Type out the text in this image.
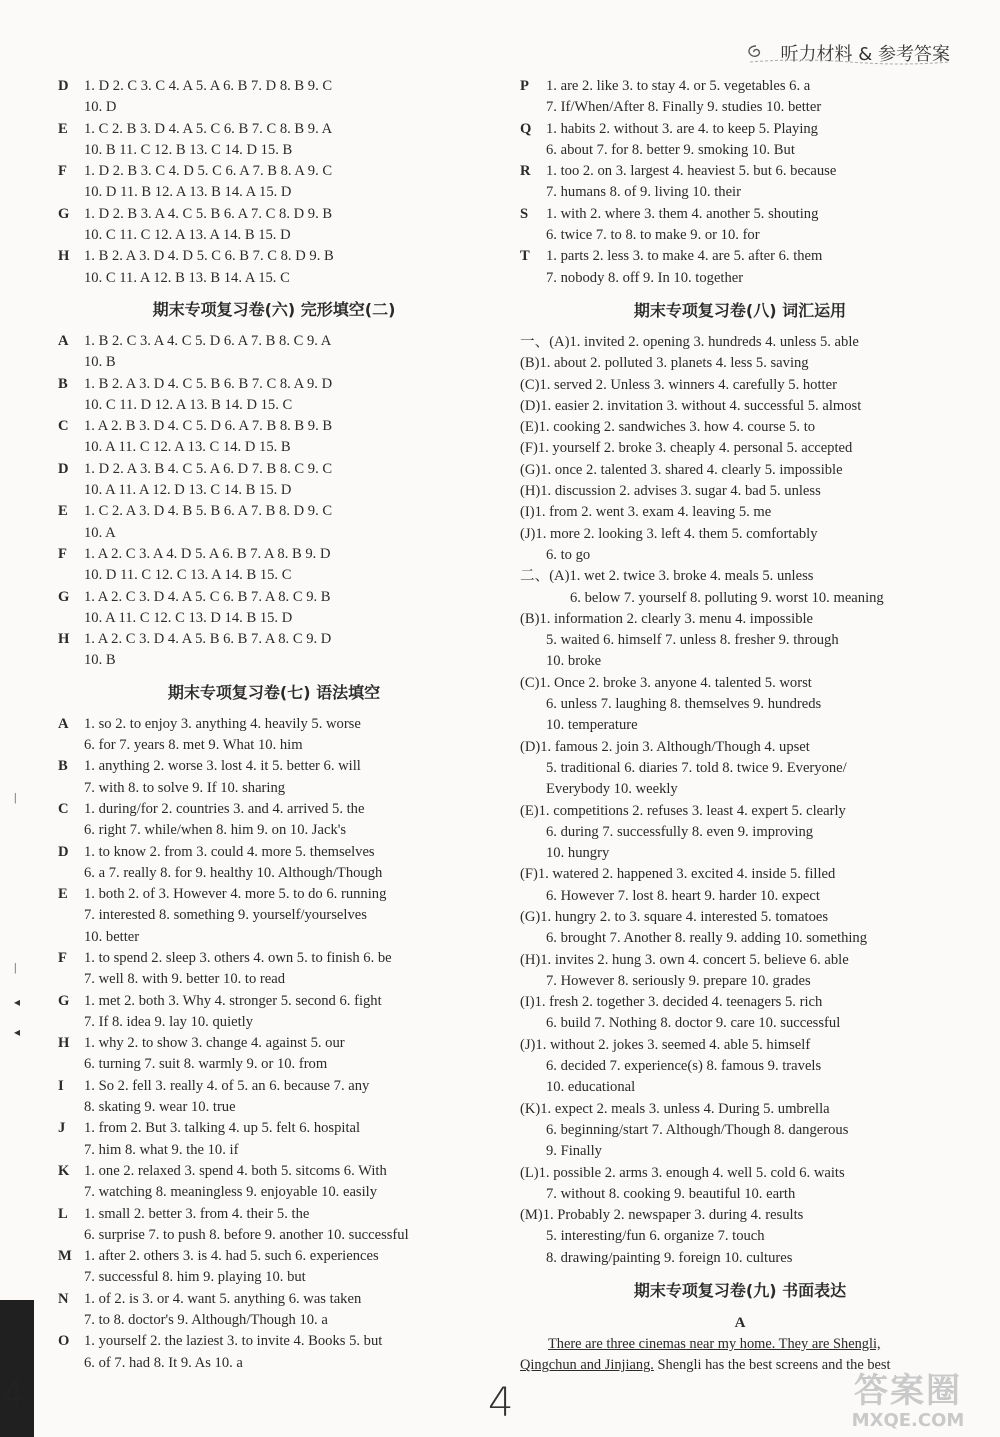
听力材料 & 参考答案
D 1. D 2. C 3. C 4. A 5. A 6. B 7. D 8. B 9. C
10. D
E 1. C 2. B 3. D 4. A 5. C 6. B 7. C 8. B 9. A
10. B 11. C 12. B 13. C 14. D 15. B
F 1. D 2. B 3. C 4. D 5. C 6. A 7. B 8. A 9. C
10. D 11. B 12. A 13. B 14. A 15. D
G 1. D 2. B 3. A 4. C 5. B 6. A 7. C 8. D 9. B
10. C 11. C 12. A 13. A 14. B 15. D
H 1. B 2. A 3. D 4. D 5. C 6. B 7. C 8. D 9. B
10. C 11. A 12. B 13. B 14. A 15. C
期末专项复习卷(六) 完形填空(二)
A 1. B 2. C 3. A 4. C 5. D 6. A 7. B 8. C 9. A
10. B
B 1. B 2. A 3. D 4. C 5. B 6. B 7. C 8. A 9. D
10. C 11. D 12. A 13. B 14. D 15. C
C 1. A 2. B 3. D 4. C 5. D 6. A 7. B 8. B 9. B
10. A 11. C 12. A 13. C 14. D 15. B
D 1. D 2. A 3. B 4. C 5. A 6. D 7. B 8. C 9. C
10. A 11. A 12. D 13. C 14. B 15. D
E 1. C 2. A 3. D 4. B 5. B 6. A 7. B 8. D 9. C
10. A
F 1. A 2. C 3. A 4. D 5. A 6. B 7. A 8. B 9. D
10. D 11. C 12. C 13. A 14. B 15. C
G 1. A 2. C 3. D 4. A 5. C 6. B 7. A 8. C 9. B
10. A 11. C 12. C 13. D 14. B 15. D
H 1. A 2. C 3. D 4. A 5. B 6. B 7. A 8. C 9. D
10. B
期末专项复习卷(七) 语法填空
A 1. so 2. to enjoy 3. anything 4. heavily 5. worse
6. for 7. years 8. met 9. What 10. him
B 1. anything 2. worse 3. lost 4. it 5. better 6. will
7. with 8. to solve 9. If 10. sharing
C 1. during/for 2. countries 3. and 4. arrived 5. the
6. right 7. while/when 8. him 9. on 10. Jack's
D 1. to know 2. from 3. could 4. more 5. themselves
6. a 7. really 8. for 9. healthy 10. Although/Though
E 1. both 2. of 3. However 4. more 5. to do 6. running
7. interested 8. something 9. yourself/yourselves
10. better
F 1. to spend 2. sleep 3. others 4. own 5. to finish 6. be
7. well 8. with 9. better 10. to read
G 1. met 2. both 3. Why 4. stronger 5. second 6. fight
7. If 8. idea 9. lay 10. quietly
H 1. why 2. to show 3. change 4. against 5. our
6. turning 7. suit 8. warmly 9. or 10. from
I 1. So 2. fell 3. really 4. of 5. an 6. because 7. any
8. skating 9. wear 10. true
J 1. from 2. But 3. talking 4. up 5. felt 6. hospital
7. him 8. what 9. the 10. if
K 1. one 2. relaxed 3. spend 4. both 5. sitcoms 6. With
7. watching 8. meaningless 9. enjoyable 10. easily
L 1. small 2. better 3. from 4. their 5. the
6. surprise 7. to push 8. before 9. another 10. successful
M 1. after 2. others 3. is 4. had 5. such 6. experiences
7. successful 8. him 9. playing 10. but
N 1. of 2. is 3. or 4. want 5. anything 6. was taken
7. to 8. doctor's 9. Although/Though 10. a
O 1. yourself 2. the laziest 3. to invite 4. Books 5. but
6. of 7. had 8. It 9. As 10. a
P 1. are 2. like 3. to stay 4. or 5. vegetables 6. a
7. If/When/After 8. Finally 9. studies 10. better
Q 1. habits 2. without 3. are 4. to keep 5. Playing
6. about 7. for 8. better 9. smoking 10. But
R 1. too 2. on 3. largest 4. heaviest 5. but 6. because
7. humans 8. of 9. living 10. their
S 1. with 2. where 3. them 4. another 5. shouting
6. twice 7. to 8. to make 9. or 10. for
T 1. parts 2. less 3. to make 4. are 5. after 6. them
7. nobody 8. off 9. In 10. together
期末专项复习卷(八) 词汇运用
一、(A)1. invited 2. opening 3. hundreds 4. unless 5. able
(B)1. about 2. polluted 3. planets 4. less 5. saving
(C)1. served 2. Unless 3. winners 4. carefully 5. hotter
(D)1. easier 2. invitation 3. without 4. successful 5. almost
(E)1. cooking 2. sandwiches 3. how 4. course 5. to
(F)1. yourself 2. broke 3. cheaply 4. personal 5. accepted
(G)1. once 2. talented 3. shared 4. clearly 5. impossible
(H)1. discussion 2. advises 3. sugar 4. bad 5. unless
(I)1. from 2. went 3. exam 4. leaving 5. me
(J)1. more 2. looking 3. left 4. them 5. comfortably
6. to go
二、(A)1. wet 2. twice 3. broke 4. meals 5. unless
6. below 7. yourself 8. polluting 9. worst 10. meaning
(B)1. information 2. clearly 3. menu 4. impossible
5. waited 6. himself 7. unless 8. fresher 9. through
10. broke
(C)1. Once 2. broke 3. anyone 4. talented 5. worst
6. unless 7. laughing 8. themselves 9. hundreds
10. temperature
(D)1. famous 2. join 3. Although/Though 4. upset
5. traditional 6. diaries 7. told 8. twice 9. Everyone/
Everybody 10. weekly
(E)1. competitions 2. refuses 3. least 4. expert 5. clearly
6. during 7. successfully 8. even 9. improving
10. hungry
(F)1. watered 2. happened 3. excited 4. inside 5. filled
6. However 7. lost 8. heart 9. harder 10. expect
(G)1. hungry 2. to 3. square 4. interested 5. tomatoes
6. brought 7. Another 8. really 9. adding 10. something
(H)1. invites 2. hung 3. own 4. concert 5. believe 6. able
7. However 8. seriously 9. prepare 10. grades
(I)1. fresh 2. together 3. decided 4. teenagers 5. rich
6. build 7. Nothing 8. doctor 9. care 10. successful
(J)1. without 2. jokes 3. seemed 4. able 5. himself
6. decided 7. experience(s) 8. famous 9. travels
10. educational
(K)1. expect 2. meals 3. unless 4. During 5. umbrella
6. beginning/start 7. Although/Though 8. dangerous
9. Finally
(L)1. possible 2. arms 3. enough 4. well 5. cold 6. waits
7. without 8. cooking 9. beautiful 10. earth
(M)1. Probably 2. newspaper 3. during 4. results
5. interesting/fun 6. organize 7. touch
8. drawing/painting 9. foreign 10. cultures
期末专项复习卷(九) 书面表达
A
There are three cinemas near my home. They are Shengli,
Qingchun and Jinjiang. Shengli has the best screens and the best
|
|
◂
◂
4	4	答案圈
MXQE.COM
